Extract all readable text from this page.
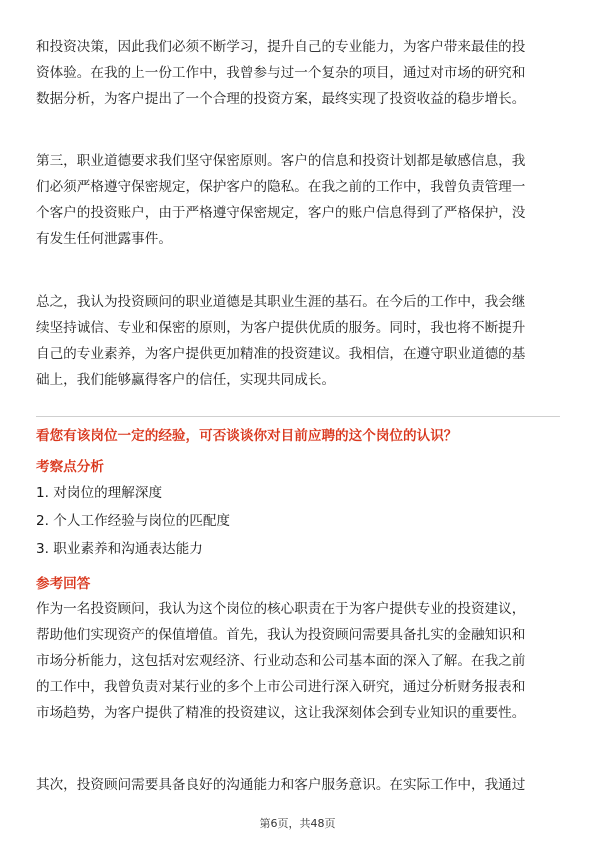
和投资决策，因此我们必须不断学习，提升自己的专业能力，为客户带来最佳的投
资体验。在我的上一份工作中，我曾参与过一个复杂的项目，通过对市场的研究和
数据分析，为客户提出了一个合理的投资方案，最终实现了投资收益的稳步增长。

第三，职业道德要求我们坚守保密原则。客户的信息和投资计划都是敏感信息，我
们必须严格遵守保密规定，保护客户的隐私。在我之前的工作中，我曾负责管理一
个客户的投资账户，由于严格遵守保密规定，客户的账户信息得到了严格保护，没
有发生任何泄露事件。

总之，我认为投资顾问的职业道德是其职业生涯的基石。在今后的工作中，我会继
续坚持诚信、专业和保密的原则，为客户提供优质的服务。同时，我也将不断提升
自己的专业素养，为客户提供更加精准的投资建议。我相信，在遵守职业道德的基
础上，我们能够赢得客户的信任，实现共同成长。

看您有该岗位一定的经验，可否谈谈你对目前应聘的这个岗位的认识？
考察点分析
1. 对岗位的理解深度
2. 个人工作经验与岗位的匹配度
3. 职业素养和沟通表达能力
参考回答

作为一名投资顾问，我认为这个岗位的核心职责在于为客户提供专业的投资建议，
帮助他们实现资产的保值增值。首先，我认为投资顾问需要具备扎实的金融知识和
市场分析能力，这包括对宏观经济、行业动态和公司基本面的深入了解。在我之前
的工作中，我曾负责对某行业的多个上市公司进行深入研究，通过分析财务报表和
市场趋势，为客户提供了精准的投资建议，这让我深刻体会到专业知识的重要性。

其次，投资顾问需要具备良好的沟通能力和客户服务意识。在实际工作中，我通过

第6页，共48页
